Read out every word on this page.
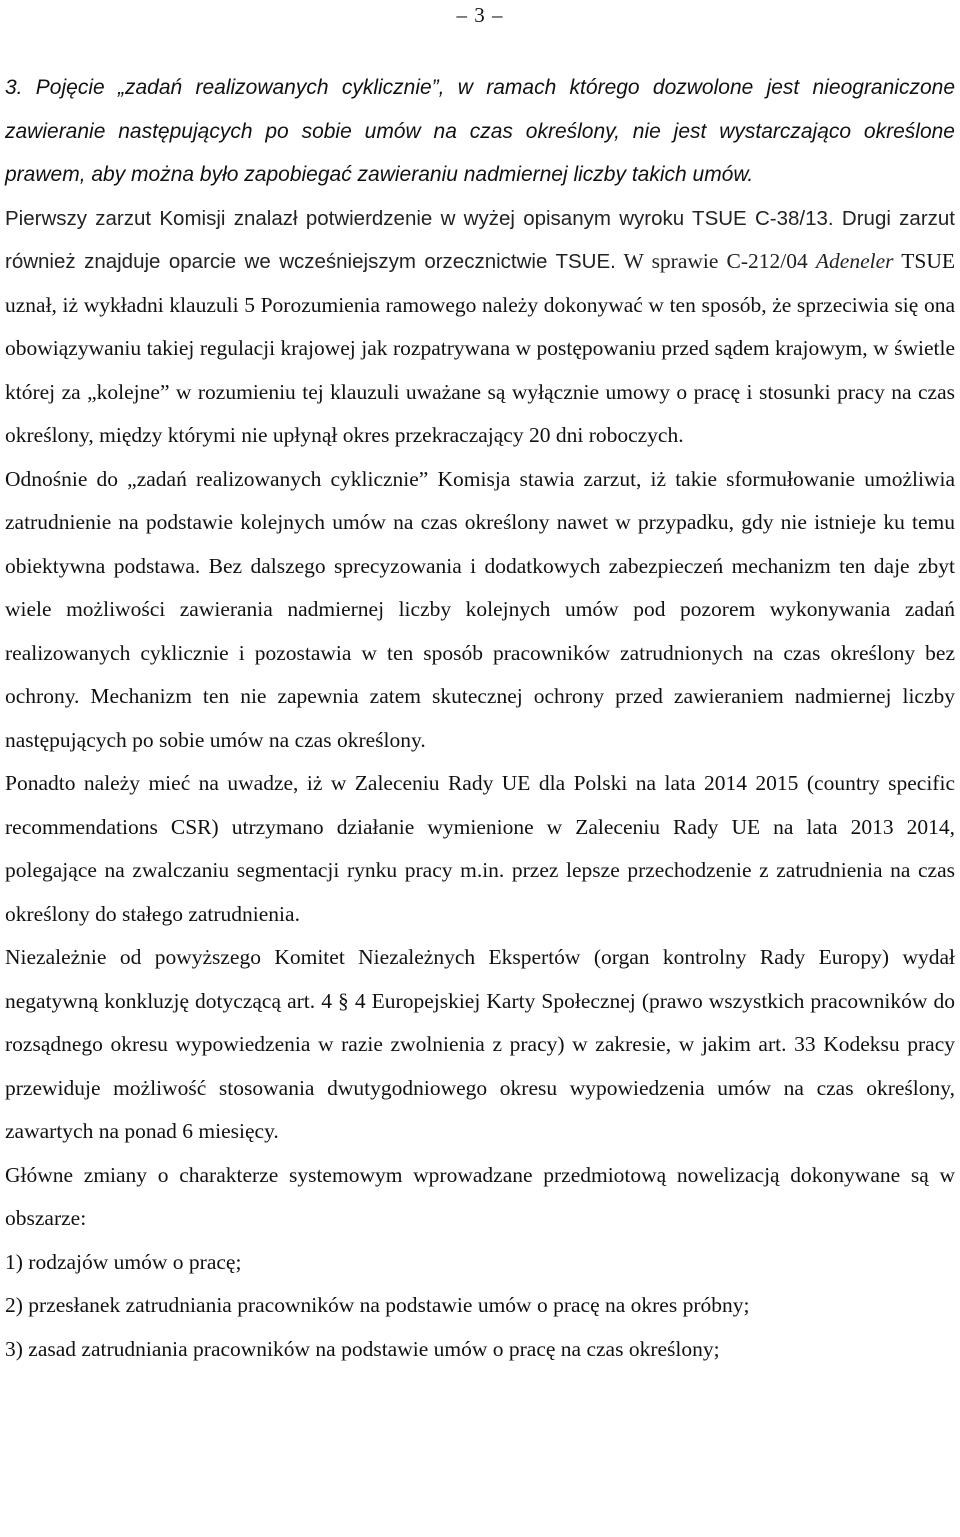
– 3 –

3. Pojęcie „zadań realizowanych cyklicznie”, w ramach którego dozwolone jest nieograniczone zawieranie następujących po sobie umów na czas określony, nie jest wystarczająco określone prawem, aby można było zapobiegać zawieraniu nadmiernej liczby takich umów.

Pierwszy zarzut Komisji znalazł potwierdzenie w wyżej opisanym wyroku TSUE C-38/13. Drugi zarzut również znajduje oparcie we wcześniejszym orzecznictwie TSUE. W sprawie C-212/04 Adeneler TSUE uznał, iż wykładni klauzuli 5 Porozumienia ramowego należy dokonywać w ten sposób, że sprzeciwia się ona obowiązywaniu takiej regulacji krajowej jak rozpatrywana w postępowaniu przed sądem krajowym, w świetle której za „kolejne” w rozumieniu tej klauzuli uważane są wyłącznie umowy o pracę i stosunki pracy na czas określony, między którymi nie upłynął okres przekraczający 20 dni roboczych.

Odnośnie do „zadań realizowanych cyklicznie” Komisja stawia zarzut, iż takie sformułowanie umożliwia zatrudnienie na podstawie kolejnych umów na czas określony nawet w przypadku, gdy nie istnieje ku temu obiektywna podstawa. Bez dalszego sprecyzowania i dodatkowych zabezpieczeń mechanizm ten daje zbyt wiele możliwości zawierania nadmiernej liczby kolejnych umów pod pozorem wykonywania zadań realizowanych cyklicznie i pozostawia w ten sposób pracowników zatrudnionych na czas określony bez ochrony. Mechanizm ten nie zapewnia zatem skutecznej ochrony przed zawieraniem nadmiernej liczby następujących po sobie umów na czas określony.

Ponadto należy mieć na uwadze, iż w Zaleceniu Rady UE dla Polski na lata 2014 2015 (country specific recommendations CSR) utrzymano działanie wymienione w Zaleceniu Rady UE na lata 2013 2014, polegające na zwalczaniu segmentacji rynku pracy m.in. przez lepsze przechodzenie z zatrudnienia na czas określony do stałego zatrudnienia.

Niezależnie od powyższego Komitet Niezależnych Ekspertów (organ kontrolny Rady Europy) wydał negatywną konkluzję dotyczącą art. 4 § 4 Europejskiej Karty Społecznej (prawo wszystkich pracowników do rozsądnego okresu wypowiedzenia w razie zwolnienia z pracy) w zakresie, w jakim art. 33 Kodeksu pracy przewiduje możliwość stosowania dwutygodniowego okresu wypowiedzenia umów na czas określony, zawartych na ponad 6 miesięcy.

Główne zmiany o charakterze systemowym wprowadzane przedmiotową nowelizacją dokonywane są w obszarze:

1) rodzajów umów o pracę;

2) przesłanek zatrudniania pracowników na podstawie umów o pracę na okres próbny;

3) zasad zatrudniania pracowników na podstawie umów o pracę na czas określony;
